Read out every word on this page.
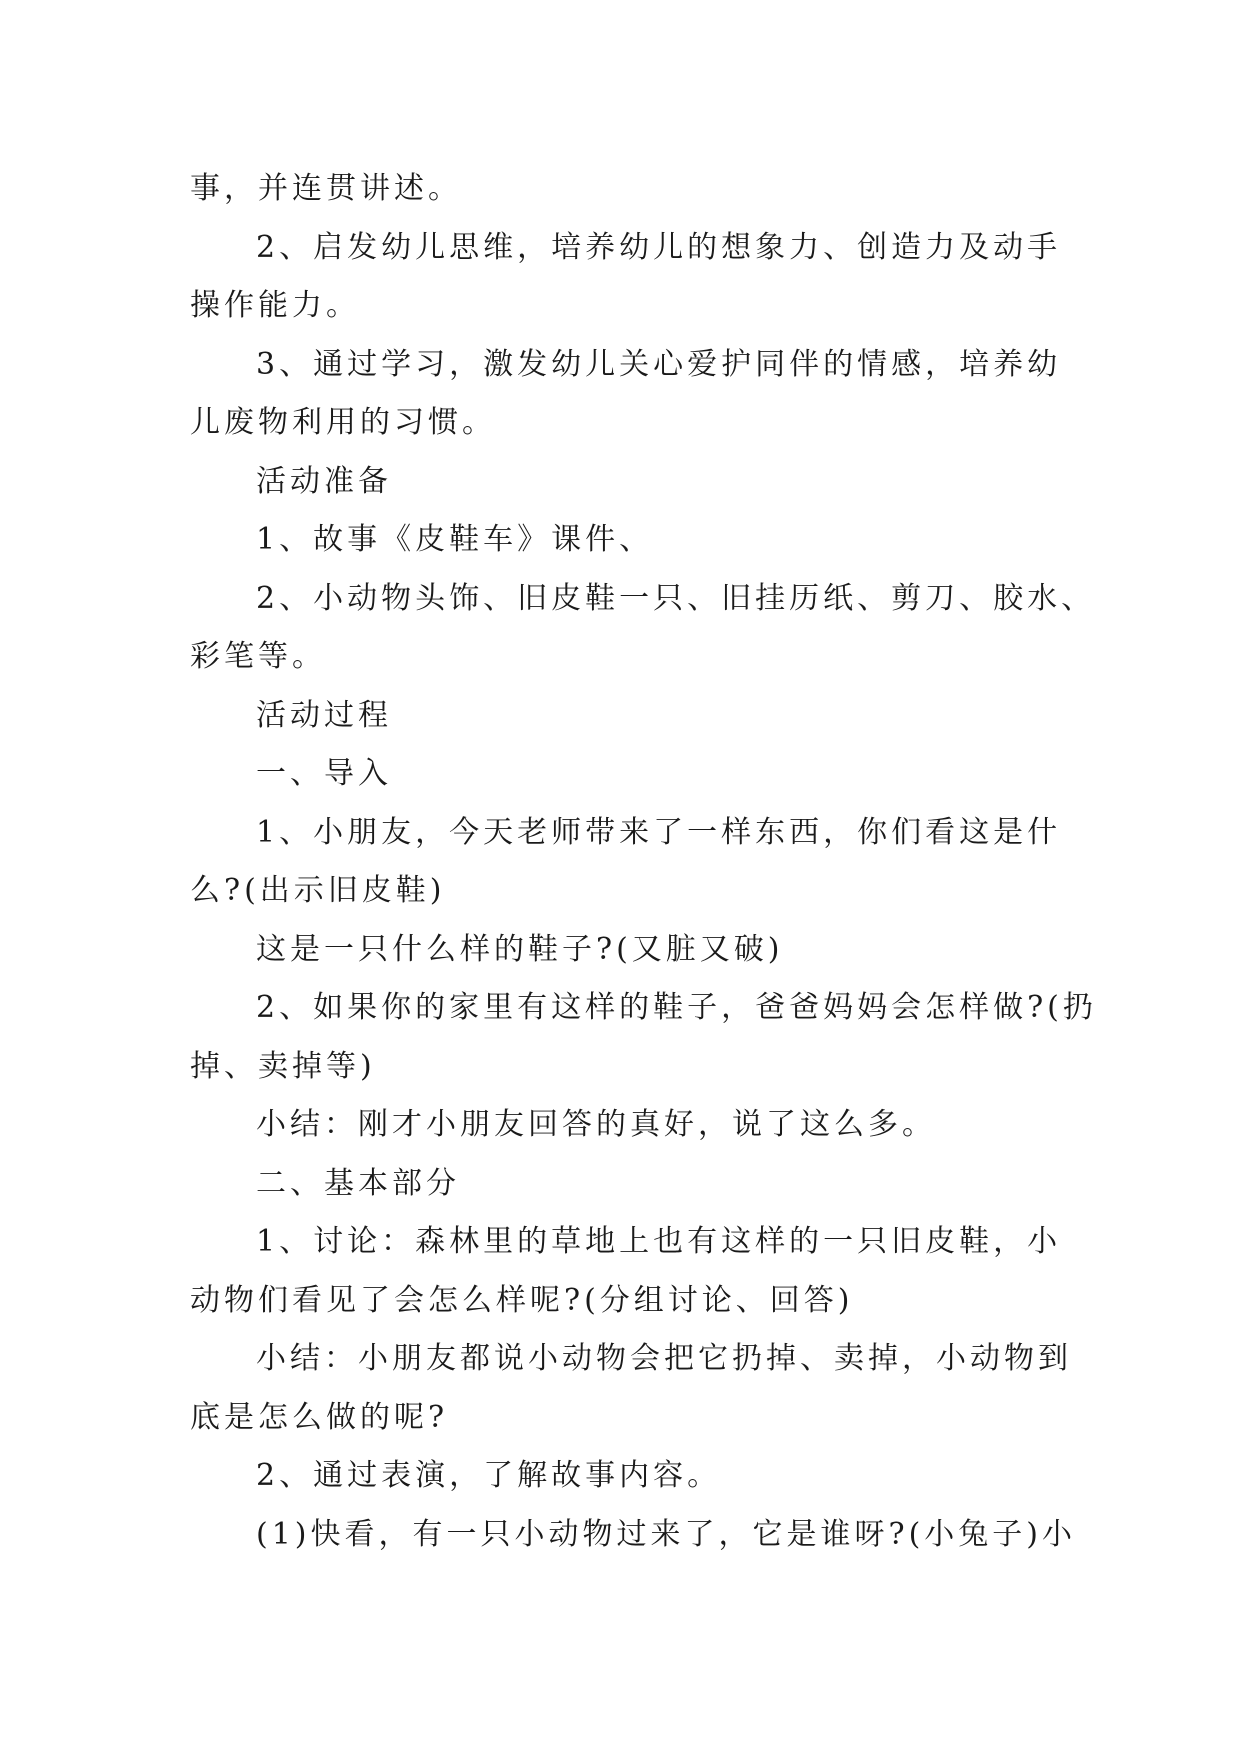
事，并连贯讲述。
2、启发幼儿思维，培养幼儿的想象力、创造力及动手
操作能力。
3、通过学习，激发幼儿关心爱护同伴的情感，培养幼
儿废物利用的习惯。
活动准备
1、故事《皮鞋车》课件、
2、小动物头饰、旧皮鞋一只、旧挂历纸、剪刀、胶水、
彩笔等。
活动过程
一、导入
1、小朋友，今天老师带来了一样东西，你们看这是什
么?(出示旧皮鞋)
这是一只什么样的鞋子?(又脏又破)
2、如果你的家里有这样的鞋子，爸爸妈妈会怎样做?(扔
掉、卖掉等)
小结：刚才小朋友回答的真好，说了这么多。
二、基本部分
1、讨论：森林里的草地上也有这样的一只旧皮鞋，小
动物们看见了会怎么样呢?(分组讨论、回答)
小结：小朋友都说小动物会把它扔掉、卖掉，小动物到
底是怎么做的呢?
2、通过表演，了解故事内容。
(1)快看，有一只小动物过来了，它是谁呀?(小兔子)小
